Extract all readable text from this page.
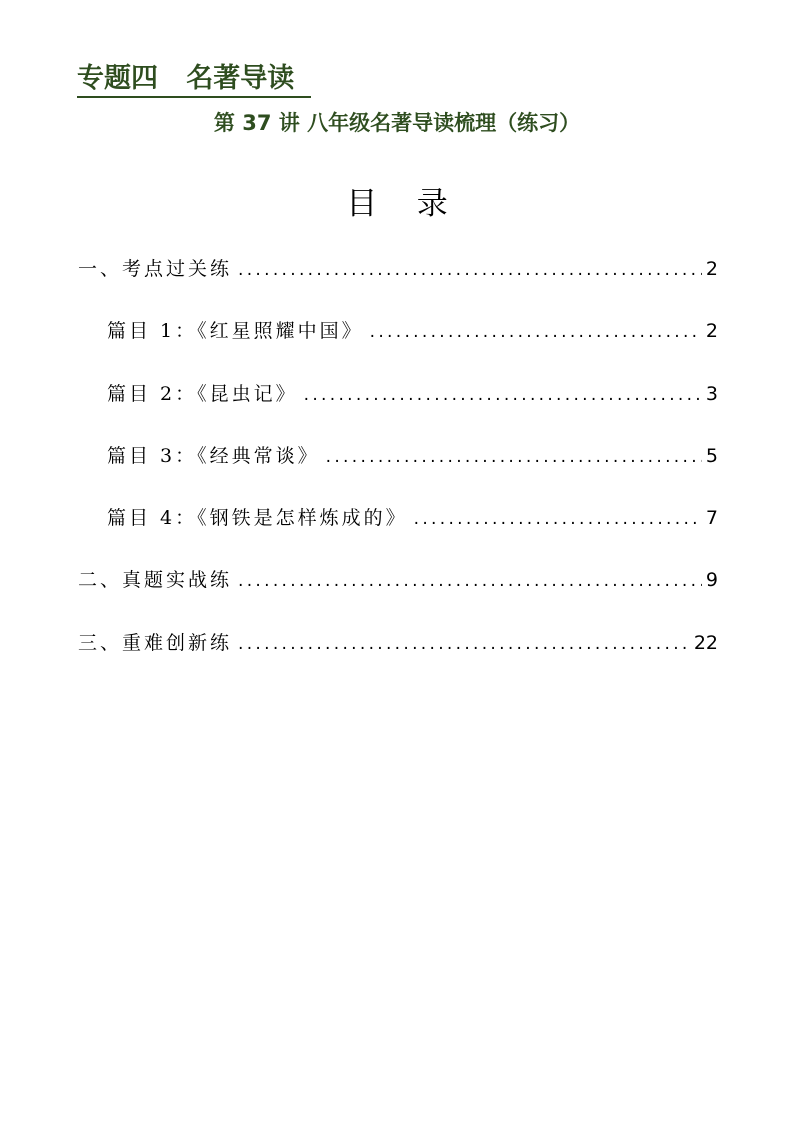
专题四   名著导读
第 37 讲 八年级名著导读梳理（练习）
目    录
一、考点过关练 .....	2
篇目 1：《红星照耀中国》 .....	2
篇目 2：《昆虫记》 .....	3
篇目 3：《经典常谈》 .....	5
篇目 4：《钢铁是怎样炼成的》 .....	7
二、真题实战练 .....	9
三、重难创新练 .....	22
